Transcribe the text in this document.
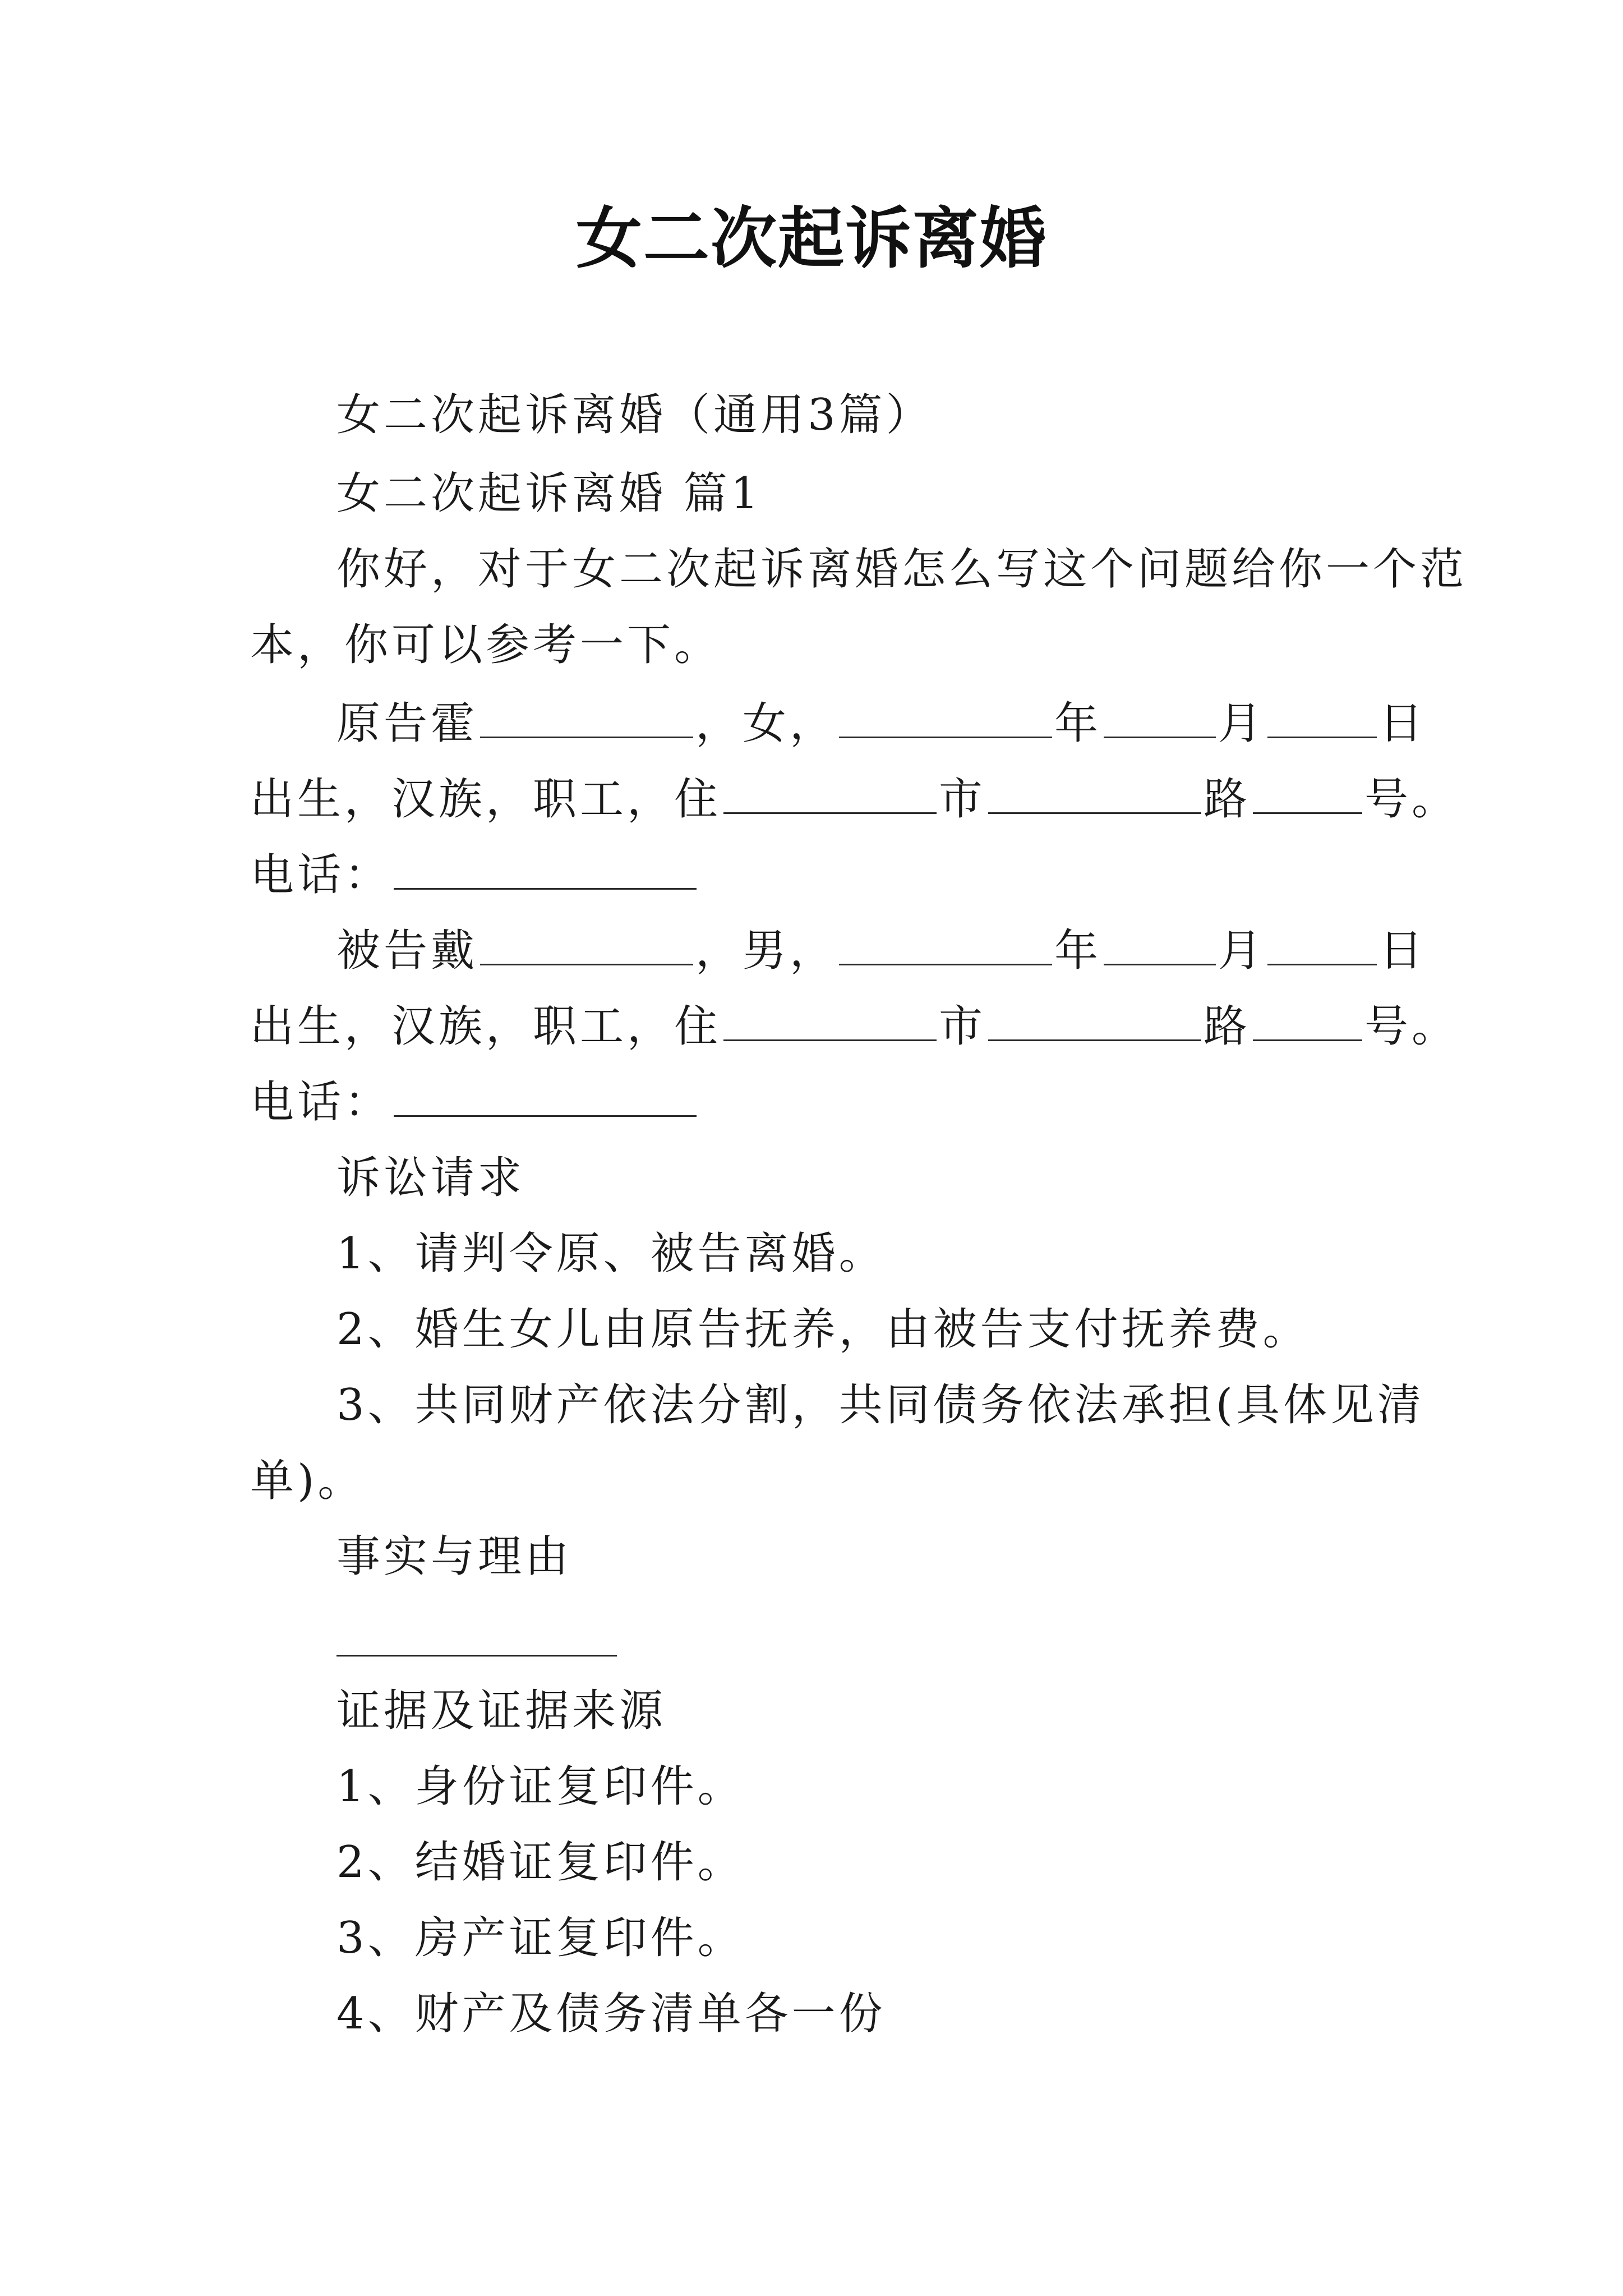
女二次起诉离婚
女二次起诉离婚（通用3篇）
女二次起诉离婚 篇1
你好，对于女二次起诉离婚怎么写这个问题给你一个范
本，你可以参考一下。
原告霍	，女，	年	月	日
出生，汉族，职工，住	市	路	号。
电话：
被告戴	，男，	年	月	日
出生，汉族，职工，住	市	路	号。
电话：
诉讼请求
1、请判令原、被告离婚。
2、婚生女儿由原告抚养，由被告支付抚养费。
3、共同财产依法分割，共同债务依法承担(具体见清
单)。
事实与理由
证据及证据来源
1、身份证复印件。
2、结婚证复印件。
3、房产证复印件。
4、财产及债务清单各一份
